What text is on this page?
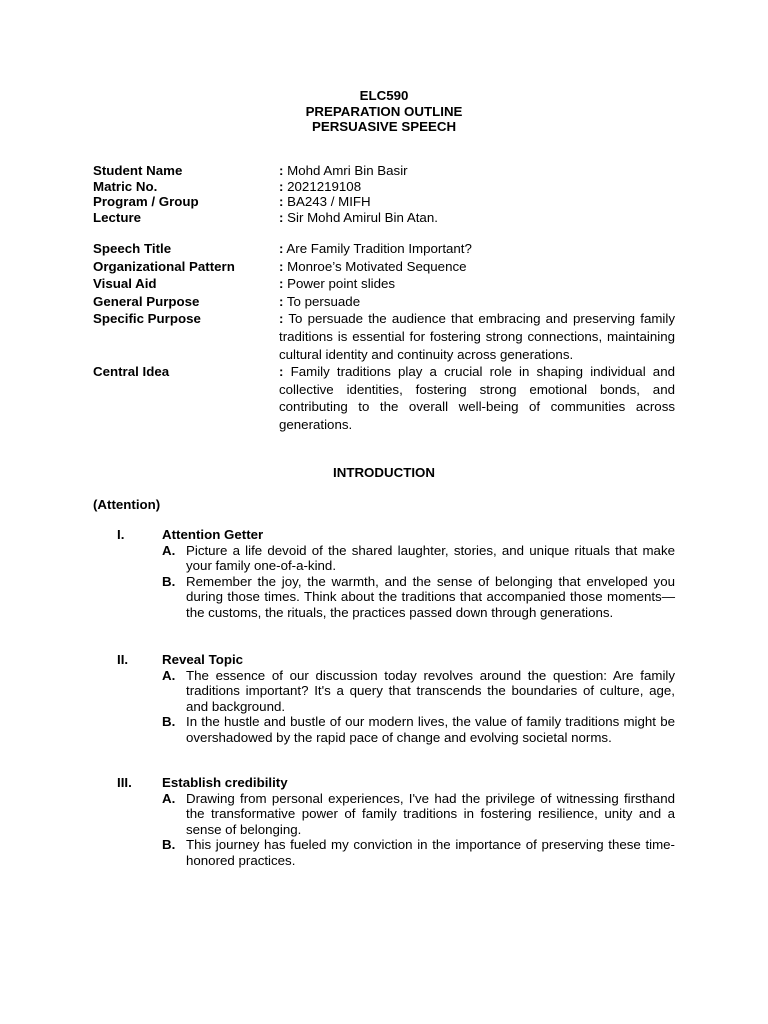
ELC590
PREPARATION OUTLINE
PERSUASIVE SPEECH
Student Name	: Mohd Amri Bin Basir
Matric No.	: 2021219108
Program / Group	: BA243 / MIFH
Lecture	: Sir Mohd Amirul Bin Atan.
Speech Title	: Are Family Tradition Important?
Organizational Pattern	: Monroe’s Motivated Sequence
Visual Aid	: Power point slides
General Purpose	: To persuade
Specific Purpose	: To persuade the audience that embracing and preserving family traditions is essential for fostering strong connections, maintaining cultural identity and continuity across generations.
Central Idea	: Family traditions play a crucial role in shaping individual and collective identities, fostering strong emotional bonds, and contributing to the overall well-being of communities across generations.
INTRODUCTION
(Attention)
I.	Attention Getter
A. Picture a life devoid of the shared laughter, stories, and unique rituals that make your family one-of-a-kind.
B. Remember the joy, the warmth, and the sense of belonging that enveloped you during those times. Think about the traditions that accompanied those moments—the customs, the rituals, the practices passed down through generations.
II.	Reveal Topic
A. The essence of our discussion today revolves around the question: Are family traditions important? It's a query that transcends the boundaries of culture, age, and background.
B. In the hustle and bustle of our modern lives, the value of family traditions might be overshadowed by the rapid pace of change and evolving societal norms.
III.	Establish credibility
A. Drawing from personal experiences, I've had the privilege of witnessing firsthand the transformative power of family traditions in fostering resilience, unity and a sense of belonging.
B. This journey has fueled my conviction in the importance of preserving these time-honored practices.
